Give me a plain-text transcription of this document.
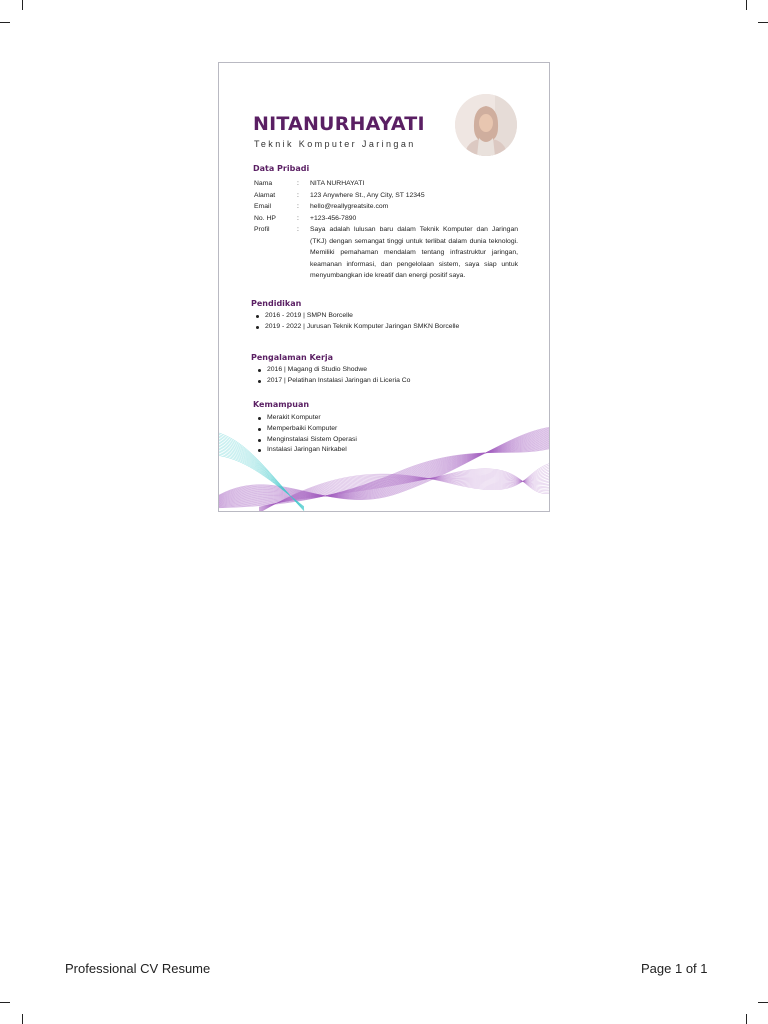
NITANURHAYATI
Teknik Komputer Jaringan
Data Pribadi
Nama	: NITA NURHAYATI
Alamat	: 123 Anywhere St., Any City, ST 12345
Email	: hello@reallygreatsite.com
No. HP	: +123-456-7890
Profil	: Saya adalah lulusan baru dalam Teknik Komputer dan Jaringan (TKJ) dengan semangat tinggi untuk terlibat dalam dunia teknologi. Memiliki pemahaman mendalam tentang infrastruktur jaringan, keamanan informasi, dan pengelolaan sistem, saya siap untuk menyumbangkan ide kreatif dan energi positif saya.
Pendidikan
2016 - 2019 | SMPN Borcelle
2019 - 2022 | Jurusan Teknik Komputer Jaringan SMKN Borcelle
Pengalaman Kerja
2016 | Magang di Studio Shodwe
2017 | Pelatihan Instalasi Jaringan di Liceria Co
Kemampuan
Merakit Komputer
Memperbaiki Komputer
Menginstalasi Sistem Operasi
Instalasi Jaringan Nirkabel
Professional CV Resume	Page 1 of 1
